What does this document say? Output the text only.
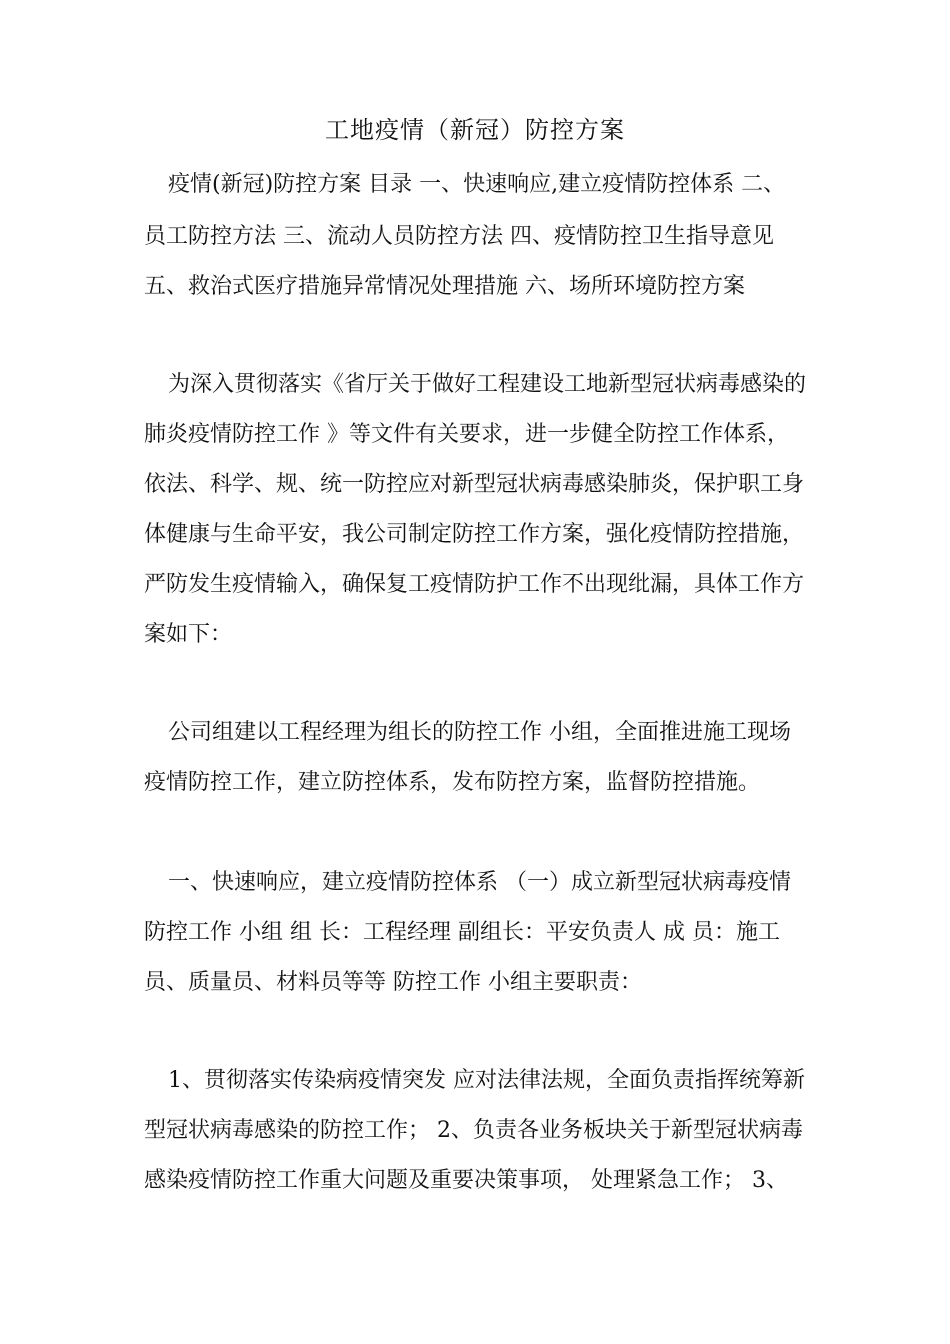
工地疫情（新冠）防控方案
疫情(新冠)防控方案 目录 一、快速响应,建立疫情防控体系 二、
员工防控方法 三、流动人员防控方法 四、疫情防控卫生指导意见
五、救治式医疗措施异常情况处理措施 六、场所环境防控方案
为深入贯彻落实《省厅关于做好工程建设工地新型冠状病毒感染的
肺炎疫情防控工作 》等文件有关要求，进一步健全防控工作体系，
依法、科学、规、统一防控应对新型冠状病毒感染肺炎，保护职工身
体健康与生命平安，我公司制定防控工作方案，强化疫情防控措施，
严防发生疫情输入，确保复工疫情防护工作不出现纰漏，具体工作方
案如下：
公司组建以工程经理为组长的防控工作 小组，全面推进施工现场
疫情防控工作，建立防控体系，发布防控方案，监督防控措施。
一、快速响应，建立疫情防控体系 （一）成立新型冠状病毒疫情
防控工作 小组 组 长：工程经理 副组长：平安负责人 成 员：施工
员、质量员、材料员等等 防控工作 小组主要职责：
1、贯彻落实传染病疫情突发 应对法律法规，全面负责指挥统筹新
型冠状病毒感染的防控工作； 2、负责各业务板块关于新型冠状病毒
感染疫情防控工作重大问题及重要决策事项， 处理紧急工作； 3、
